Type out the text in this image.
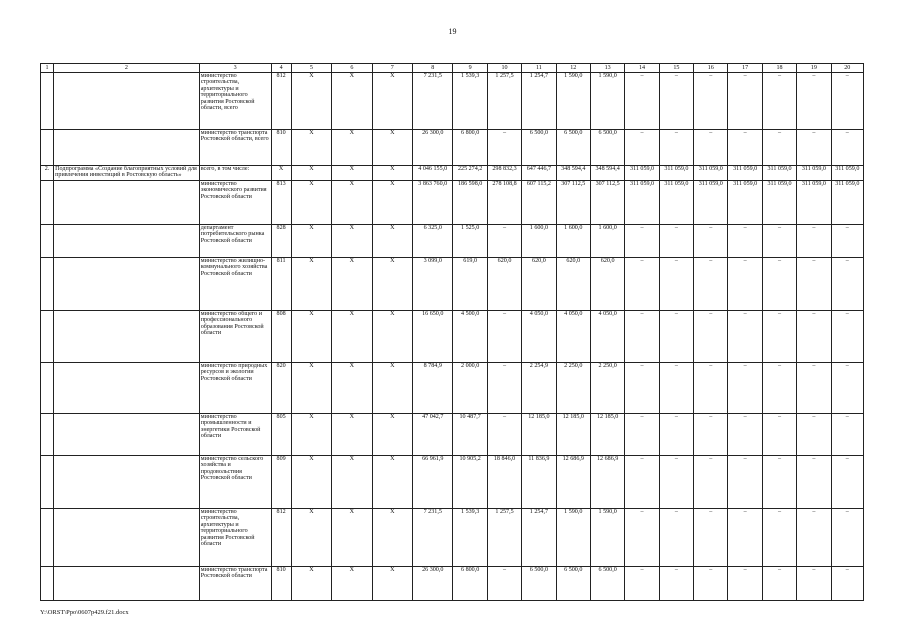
19
1	2	3	4	5	6	7	8	9	10	11	12	13	14	15	16	17	18	19	20
		министерство строительства, архитектуры и территориального развития Ростовской области, всего	812	Х	Х	Х	7 231,5	1 539,3	1 257,5	1 254,7	1 590,0	1 590,0	–	–	–	–	–	–	–
		министерство транспорта Ростовской области, всего	810	Х	Х	Х	26 300,0	6 800,0	–	6 500,0	6 500,0	6 500,0	–	–	–	–	–	–	–
2.	Подпрограмма «Создание благоприятных условий для привлечения инвестиций в Ростовскую область»	всего, в том числе:	Х	Х	Х	Х	4 046 155,0	225 274,2	298 832,3	647 446,7	348 594,4	348 594,4	311 059,0	311 059,0	311 059,0	311 059,0	311 059,0	311 059,0	311 059,0
		министерство экономического развития Ростовской области	813	Х	Х	Х	3 863 760,0	186 598,0	278 108,8	607 115,2	307 112,5	307 112,5	311 059,0	311 059,0	311 059,0	311 059,0	311 059,0	311 059,0	311 059,0
		департамент потребительского рынка Ростовской области	828	Х	Х	Х	6 325,0	1 525,0	–	1 600,0	1 600,0	1 600,0	–	–	–	–	–	–	–
		министерство жилищно-коммунального хозяйства Ростовской области	811	Х	Х	Х	3 099,0	619,0	620,0	620,0	620,0	620,0	–	–	–	–	–	–	–
		министерство общего и профессионального образования Ростовской области	808	Х	Х	Х	16 650,0	4 500,0	–	4 050,0	4 050,0	4 050,0	–	–	–	–	–	–	–
		министерство природных ресурсов и экологии Ростовской области	820	Х	Х	Х	8 784,9	2 000,0	–	2 254,9	2 250,0	2 250,0	–	–	–	–	–	–	–
		министерство промышленности и энергетики Ростовской области	805	Х	Х	Х	47 042,7	10 487,7	–	12 185,0	12 185,0	12 185,0	–	–	–	–	–	–	–
		министерство сельского хозяйства и продовольствия Ростовской области	809	Х	Х	Х	66 961,9	10 905,2	18 846,0	11 836,9	12 686,9	12 686,9	–	–	–	–	–	–	–
		министерство строительства, архитектуры и территориального развития Ростовской области	812	Х	Х	Х	7 231,5	1 539,3	1 257,5	1 254,7	1 590,0	1 590,0	–	–	–	–	–	–	–
		министерство транспорта Ростовской области	810	Х	Х	Х	26 300,0	6 800,0	–	6 500,0	6 500,0	6 500,0	–	–	–	–	–	–	–
Y:\ORST\Ppo\0607p429.f21.docx
